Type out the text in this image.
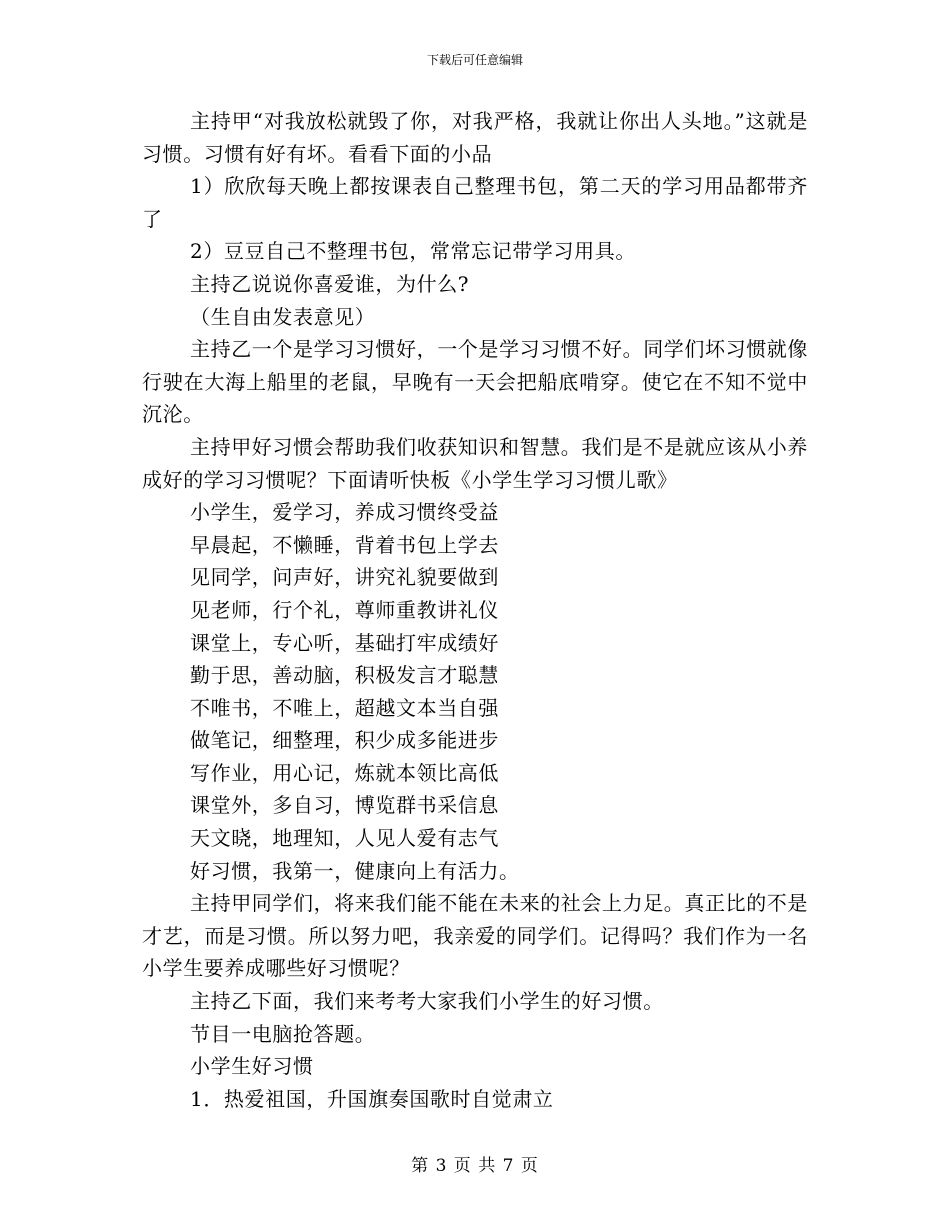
下载后可任意编辑

主持甲“对我放松就毁了你，对我严格，我就让你出人头地。”这就是习惯。习惯有好有坏。看看下面的小品

1）欣欣每天晚上都按课表自己整理书包，第二天的学习用品都带齐了

2）豆豆自己不整理书包，常常忘记带学习用具。

主持乙说说你喜爱谁，为什么?

（生自由发表意见）

主持乙一个是学习习惯好，一个是学习习惯不好。同学们坏习惯就像行驶在大海上船里的老鼠，早晚有一天会把船底啃穿。使它在不知不觉中沉沦。

主持甲好习惯会帮助我们收获知识和智慧。我们是不是就应该从小养成好的学习习惯呢？下面请听快板《小学生学习习惯儿歌》

小学生，爱学习，养成习惯终受益

早晨起，不懒睡，背着书包上学去

见同学，问声好，讲究礼貌要做到

见老师，行个礼，尊师重教讲礼仪

课堂上，专心听，基础打牢成绩好

勤于思，善动脑，积极发言才聪慧

不唯书，不唯上，超越文本当自强

做笔记，细整理，积少成多能进步

写作业，用心记，炼就本领比高低

课堂外，多自习，博览群书采信息

天文晓，地理知，人见人爱有志气

好习惯，我第一，健康向上有活力。

主持甲同学们，将来我们能不能在未来的社会上力足。真正比的不是才艺，而是习惯。所以努力吧，我亲爱的同学们。记得吗？我们作为一名小学生要养成哪些好习惯呢？

主持乙下面，我们来考考大家我们小学生的好习惯。

节目一电脑抢答题。

小学生好习惯

1．热爱祖国，升国旗奏国歌时自觉肃立

第 3 页 共 7 页
